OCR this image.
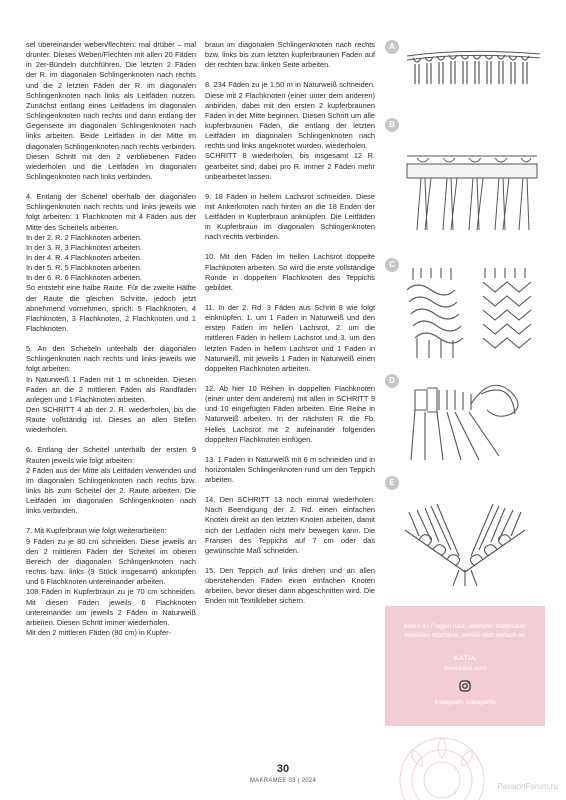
sel übereinander weben/flechten: mal drüber – mal drunter. Dieses Weben/Flechten mit allen 20 Fäden in 2er-Bündeln durchführen. Die letzten 2 Fäden der R. im diagonalen Schlingenknoten nach rechts und die 2 letzten Fäden der R. im diagonalen Schlingenknoten nach links als Leitfäden nutzen. Zunächst entlang eines Leitfadens im diagonalen Schlingenknoten nach rechts und dann entlang der Gegenseite im diagonalen Schlingenknoten nach links arbeiten. Beide Leitfäden in der Mitte im diagonalen Schlingenknoten nach rechts verbinden. Diesen Schritt mit den 2 verbliebenen Fäden wiederholen und die Leitfäden im diagonalen Schlingenknoten nach links verbinden.

4. Entlang der Scheitel oberhalb der diagonalen Schlingenknoten nach rechts und links jeweils wie folgt arbeiten: 1 Flachknoten mit 4 Fäden aus der Mitte des Scheitels arbeiten.
In der 2. R. 2 Flachknoten arbeiten.
In der 3. R. 3 Flachknoten arbeiten.
In der 4. R. 4 Flachknoten arbeiten.
In der 5. R. 5 Flachknoten arbeiten.
In der 6. R. 6 Flachknoten arbeiten.
So entsteht eine halbe Raute. Für die zweite Hälfte der Raute die gleichen Schritte, jedoch jetzt abnehmend vornehmen, sprich: 5 Flachknoten, 4 Flachknoten, 3 Flachknoten, 2 Flachknoten und 1 Flachknoten.

5. An den Scheiteln unterhalb der diagonalen Schlingenknoten nach rechts und links jeweils wie folgt arbeiten:
In Naturweiß 1 Faden mit 1 m schneiden. Diesen Faden an die 2 mittleren Fäden als Randfäden anlegen und 1 Flachknoten arbeiten.
Den SCHRITT 4 ab der 2. R. wiederholen, bis die Raute vollständig ist. Dieses an allen Stellen wiederholen.

6. Entlang der Scheitel unterhalb der ersten 9 Rauten jeweils wie folgt arbeiten:
2 Fäden aus der Mitte als Leitfäden verwenden und im diagonalen Schlingenknoten nach rechts bzw. links bis zum Scheitel der 2. Raute arbeiten. Die Leitfäden im diagonalen Schlingenknoten nach links verbinden.

7. Mit Kupferbraun wie folgt weiterarbeiten:
9 Fäden zu je 80 cm schneiden. Diese jeweils an den 2 mittleren Fäden der Scheitel im oberen Bereich der diagonalen Schlingenknoten nach rechts bzw. links (9 Stück insgesamt) anknüpfen und 6 Flachknoten untereinander arbeiten.
108 Fäden in Kupferbraun zu je 70 cm schneiden. Mit diesen Fäden jeweils 6 Flachknoten untereinander um jeweils 2 Fäden in Naturweiß arbeiten. Diesen Schritt immer wiederholen.
Mit den 2 mittleren Fäden (80 cm) in Kupfer-

braun im diagonalen Schlingenknoten nach rechts bzw. links bis zum letzten kupferbraunen Faden auf der rechten bzw. linken Seite arbeiten.

8. 234 Fäden zu je 1,50 m in Naturweiß schneiden. Diese mit 2 Flachknoten (einer unter dem anderen) anbinden, dabei mit den ersten 2 kupferbraunen Fäden in der Mitte beginnen. Diesen Schritt um alle kupferbraunen Fäden, die entlang der letzten Leitfäden im diagonalen Schlingenknoten nach rechts und links angeknotet wurden, wiederholen.
SCHRITT 8 wiederholen, bis insgesamt 12 R. gearbeitet sind, dabei pro R. immer 2 Fäden mehr unbearbeitet lassen.

9. 18 Fäden in hellem Lachsrot schneiden. Diese mit Ankerknoten nach hinten an die 18 Enden der Leitfäden in Kupferbraun anknüpfen. Die Leitfäden in Kupferbraun im diagonalen Schlingenknoten nach rechts verbinden.

10. Mit den Fäden im hellen Lachsrot doppelte Flachknoten arbeiten. So wird die erste vollständige Runde in doppelten Flachknoten des Teppichs gebildet.

11. In der 2. Rd. 3 Fäden aus Schritt 8 wie folgt einknüpfen: 1. um 1 Faden in Naturweiß und den ersten Faden im hellen Lachsrot, 2. um die mittleren Fäden in hellem Lachsrot und 3. um den letzten Faden in hellem Lachsrot und 1 Faden in Naturweiß, mit jeweils 1 Faden in Naturweiß einen doppelten Flachknoten arbeiten.

12. Ab hier 10 Reihen in doppelten Flachknoten (einer unter dem anderem) mit allen in SCHRITT 9 und 10 eingefügten Fäden arbeiten. Eine Reihe in Naturweiß arbeiten. In der nächsten R. die Fb. Helles Lachsrot mit 2 aufeinander folgenden doppelten Flachknoten einfügen.

13. 1 Faden in Naturweiß mit 6 m schneiden und in horizontalen Schlingenknoten rund um den Teppich arbeiten.

14. Den SCHRITT 13 noch einmal wiederholen. Nach Beendigung der 2. Rd. einen einfachen Knoten direkt an den letzten Knoten arbeiten, damit sich der Leitfaden nicht mehr bewegen kann. Die Fransen des Teppichs auf 7 cm oder das gewünschte Maß schneiden.

15. Den Teppich auf links drehen und an allen überstehenden Fäden einen einfachen Knoten arbeiten, bevor dieser dann abgeschnitten wird. Die Enden mit Textilkleber sichern.

A
B
C
D
E
Wenn du Fragen hast, und/oder Materialien bestellen möchtest, wende dich einfach an
KATIA
www.katia.com
Instagram: katiayarns
30
MAKRAMEE 03 | 2024
PassionForum.ru
